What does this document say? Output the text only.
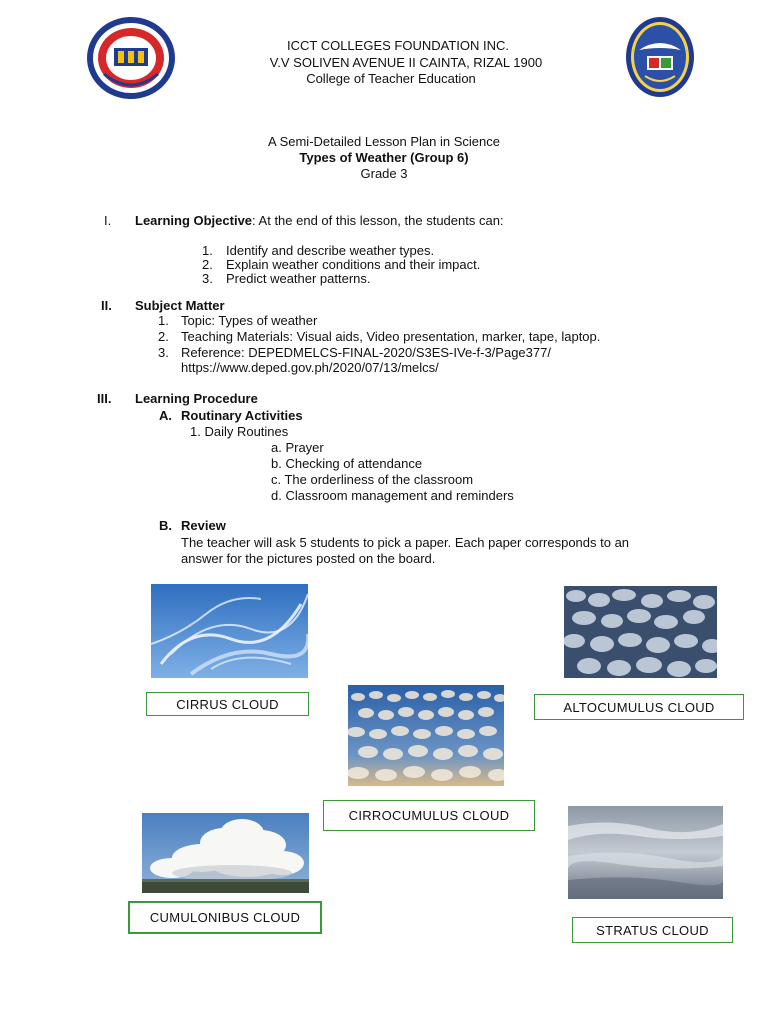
ICCT COLLEGES FOUNDATION INC.
V.V SOLIVEN AVENUE II CAINTA, RIZAL 1900
College of Teacher Education
A Semi-Detailed Lesson Plan in Science
Types of Weather (Group 6)
Grade 3
I. Learning Objective: At the end of this lesson, the students can:
1. Identify and describe weather types.
2. Explain weather conditions and their impact.
3. Predict weather patterns.
II. Subject Matter
1. Topic: Types of weather
2. Teaching Materials: Visual aids, Video presentation, marker, tape, laptop.
3. Reference: DEPEDMELCS-FINAL-2020/S3ES-IVe-f-3/Page377/
https://www.deped.gov.ph/2020/07/13/melcs/
III. Learning Procedure
A. Routinary Activities
1. Daily Routines
a. Prayer
b. Checking of attendance
c. The orderliness of the classroom
d. Classroom management and reminders
B. Review
The teacher will ask 5 students to pick a paper. Each paper corresponds to an
answer for the pictures posted on the board.
CIRRUS CLOUD	ALTOCUMULUS CLOUD
CIRROCUMULUS CLOUD
CUMULONIBUS CLOUD
STRATUS CLOUD
